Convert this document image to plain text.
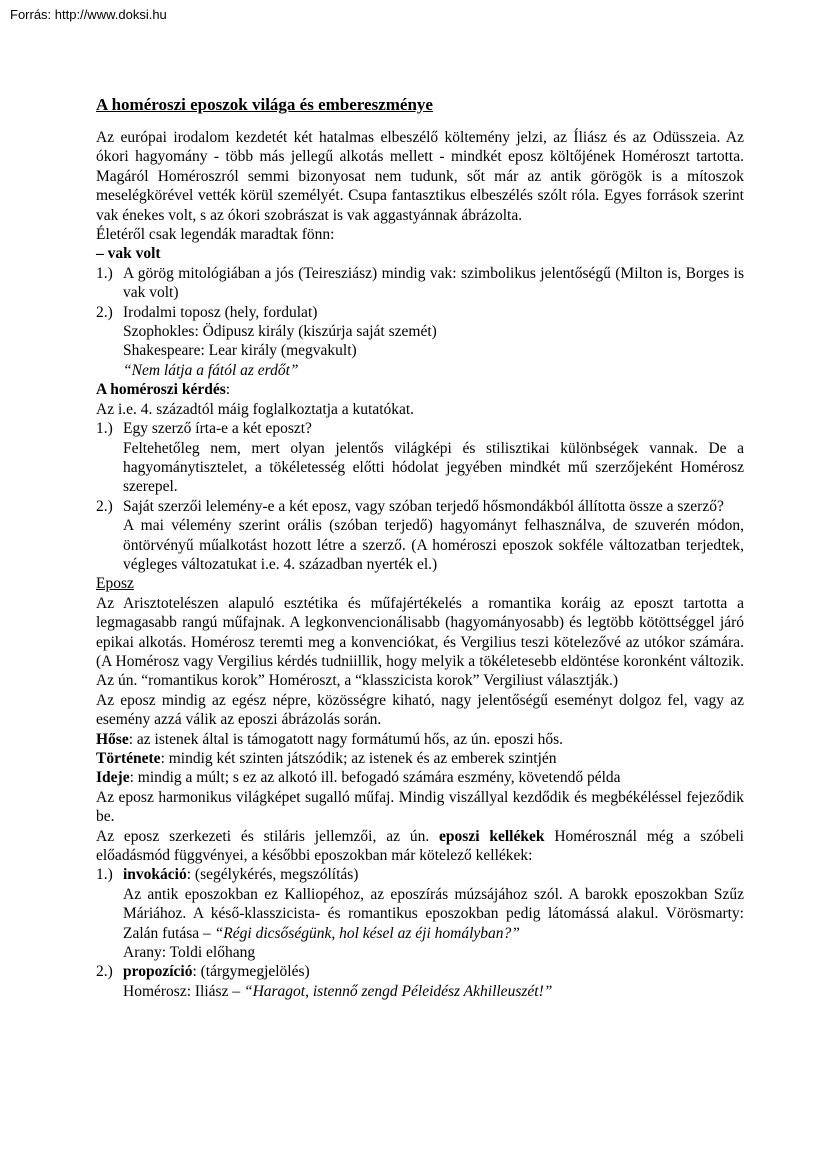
Forrás: http://www.doksi.hu
A homéroszi eposzok világa és embereszménye
Az európai irodalom kezdetét két hatalmas elbeszélő költemény jelzi, az Íliász és az Odüsszeia. Az ókori hagyomány - több más jellegű alkotás mellett - mindkét eposz költőjének Homéroszt tartotta. Magáról Homéroszról semmi bizonyosat nem tudunk, sőt már az antik görögök is a mítoszok meselégkörével vették körül személyét. Csupa fantasztikus elbeszélés szólt róla. Egyes források szerint vak énekes volt, s az ókori szobrászat is vak aggastyánnak ábrázolta.
Életéről csak legendák maradtak fönn:
– vak volt
1.) A görög mitológiában a jós (Teiresziász) mindig vak: szimbolikus jelentőségű (Milton is, Borges is vak volt)
2.) Irodalmi toposz (hely, fordulat)
Szophokles: Ödipusz király (kiszúrja saját szemét)
Shakespeare: Lear király (megvakult)
“Nem látja a fától az erdőt”
A homéroszi kérdés:
Az i.e. 4. századtól máig foglalkoztatja a kutatókat.
1.) Egy szerző írta-e a két eposzt?
Feltehetőleg nem, mert olyan jelentős világképi és stilisztikai különbségek vannak. De a hagyománytisztelet, a tökéletesség előtti hódolat jegyében mindkét mű szerzőjeként Homérosz szerepel.
2.) Saját szerzői lelemény-e a két eposz, vagy szóban terjedő hősmondákból állította össze a szerző?
A mai vélemény szerint orális (szóban terjedő) hagyományt felhasználva, de szuverén módon, öntörvényű műalkotást hozott létre a szerző. (A homéroszi eposzok sokféle változatban terjedtek, végleges változatukat i.e. 4. században nyerték el.)
Eposz
Az Arisztotelészen alapuló esztétika és műfajértékelés a romantika koráig az eposzt tartotta a legmagasabb rangú műfajnak. A legkonvencionálisabb (hagyományosabb) és legtöbb kötöttséggel járó epikai alkotás. Homérosz teremti meg a konvenciókat, és Vergilius teszi kötelezővé az utókor számára. (A Homérosz vagy Vergilius kérdés tudniillik, hogy melyik a tökéletesebb eldöntése koronként változik. Az ún. “romantikus korok” Homéroszt, a “klasszicista korok” Vergiliust választják.)
Az eposz mindig az egész népre, közösségre kiható, nagy jelentőségű eseményt dolgoz fel, vagy az esemény azzá válik az eposzi ábrázolás során.
Hőse: az istenek által is támogatott nagy formátumú hős, az ún. eposzi hős.
Története: mindig két szinten játszódik; az istenek és az emberek szintjén
Ideje: mindig a múlt; s ez az alkotó ill. befogadó számára eszmény, követendő példa
Az eposz harmonikus világképet sugalló műfaj. Mindig viszállyal kezdődik és megbékéléssel fejeződik be.
Az eposz szerkezeti és stiláris jellemzői, az ún. eposzi kellékek Homérosznál még a szóbeli előadásmód függvényei, a későbbi eposzokban már kötelező kellékek:
1.) invokáció: (segélykérés, megszólítás)
Az antik eposzokban ez Kalliopéhoz, az eposzírás múzsájához szól. A barokk eposzokban Szűz Máriához. A késő-klasszicista- és romantikus eposzokban pedig látomássá alakul. Vörösmarty: Zalán futása – “Régi dicsőségünk, hol késel az éji homályban?”
Arany: Toldi előhang
2.) propozíció: (tárgymegjelölés)
Homérosz: Iliász – “Haragot, istennő zengd Péleidész Akhilleuszét!”
